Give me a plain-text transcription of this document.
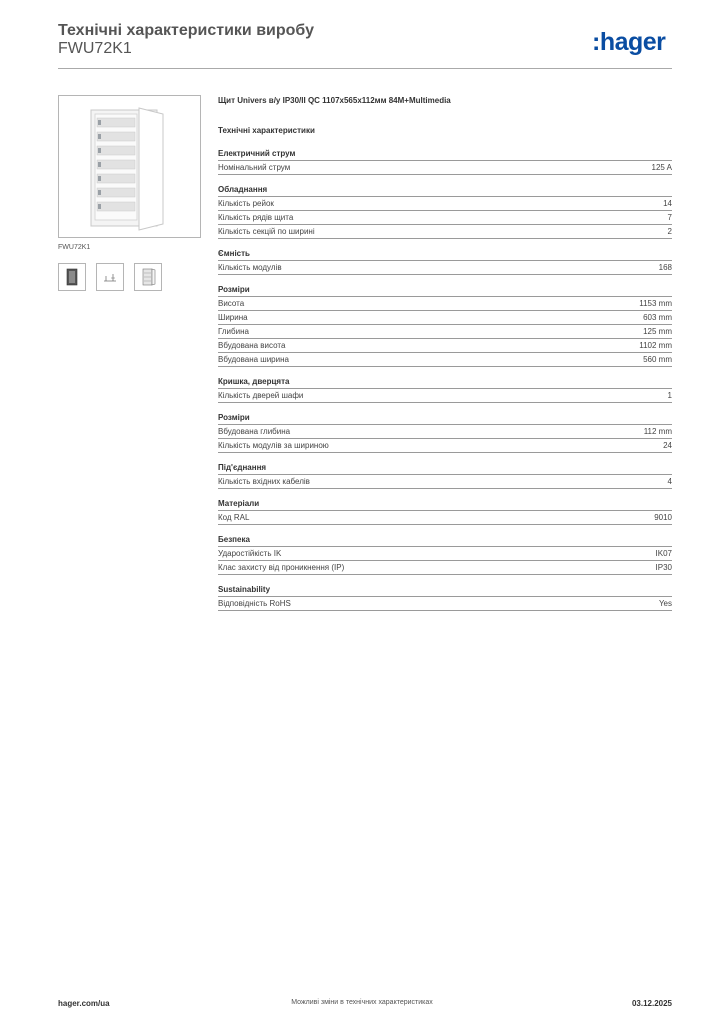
Технічні характеристики виробу
FWU72K1	:hager
FWU72K1
Щит Univers в/у IP30/II QC 1107x565x112мм 84M+Multimedia
Технічні характеристики
Електричний струм
Номінальний струм	125 A
Обладнання
Кількість рейок	14
Кількість рядів щита	7
Кількість секцій по ширині	2
Ємність
Кількість модулів	168
Розміри
Висота	1153 mm
Ширина	603 mm
Глибина	125 mm
Вбудована висота	1102 mm
Вбудована ширина	560 mm
Кришка, дверцята
Кількість дверей шафи	1
Розміри
Вбудована глибина	112 mm
Кількість модулів за шириною	24
Під'єднання
Кількість вхідних кабелів	4
Матеріали
Код RAL	9010
Безпека
Ударостійкість IK	IK07
Клас захисту від проникнення (IP)	IP30
Sustainability
Відповідність RoHS	Yes
hager.com/ua	Можливі зміни в технічних характеристиках	03.12.2025
